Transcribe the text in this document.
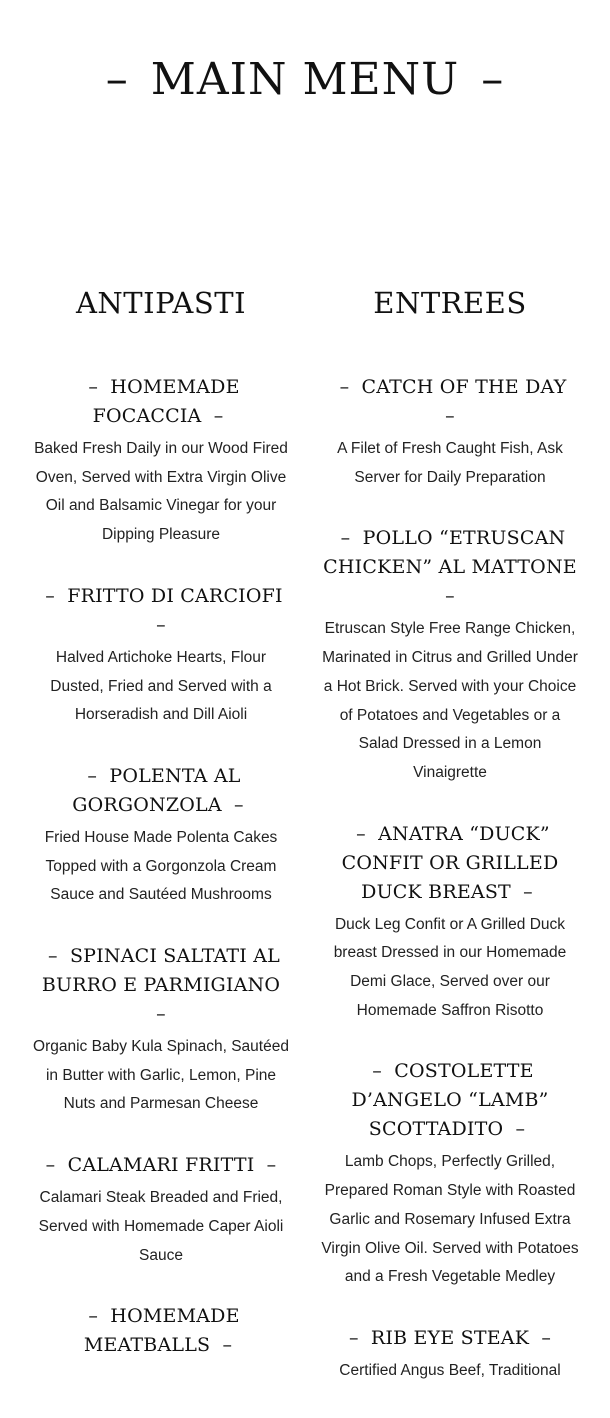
– MAIN MENU –
ANTIPASTI
– HOMEMADE FOCACCIA –

Baked Fresh Daily in our Wood Fired Oven, Served with Extra Virgin Olive Oil and Balsamic Vinegar for your Dipping Pleasure

– FRITTO DI CARCIOFI –

Halved Artichoke Hearts, Flour Dusted, Fried and Served with a Horseradish and Dill Aioli

– POLENTA AL GORGONZOLA –

Fried House Made Polenta Cakes Topped with a Gorgonzola Cream Sauce and Sautéed Mushrooms

– SPINACI SALTATI AL BURRO E PARMIGIANO –

Organic Baby Kula Spinach, Sautéed in Butter with Garlic, Lemon, Pine Nuts and Parmesan Cheese

– CALAMARI FRITTI –

Calamari Steak Breaded and Fried, Served with Homemade Caper Aioli Sauce

– HOMEMADE MEATBALLS –

ENTREES
– CATCH OF THE DAY –

A Filet of Fresh Caught Fish, Ask Server for Daily Preparation

– POLLO “ETRUSCAN CHICKEN” AL MATTONE –

Etruscan Style Free Range Chicken, Marinated in Citrus and Grilled Under a Hot Brick. Served with your Choice of Potatoes and Vegetables or a Salad Dressed in a Lemon Vinaigrette

– ANATRA “DUCK” CONFIT OR GRILLED DUCK BREAST –

Duck Leg Confit or A Grilled Duck breast Dressed in our Homemade Demi Glace, Served over our Homemade Saffron Risotto

– COSTOLETTE D’ANGELO “LAMB” SCOTTADITO –

Lamb Chops, Perfectly Grilled, Prepared Roman Style with Roasted Garlic and Rosemary Infused Extra Virgin Olive Oil. Served with Potatoes and a Fresh Vegetable Medley

– RIB EYE STEAK –

Certified Angus Beef, Traditional
